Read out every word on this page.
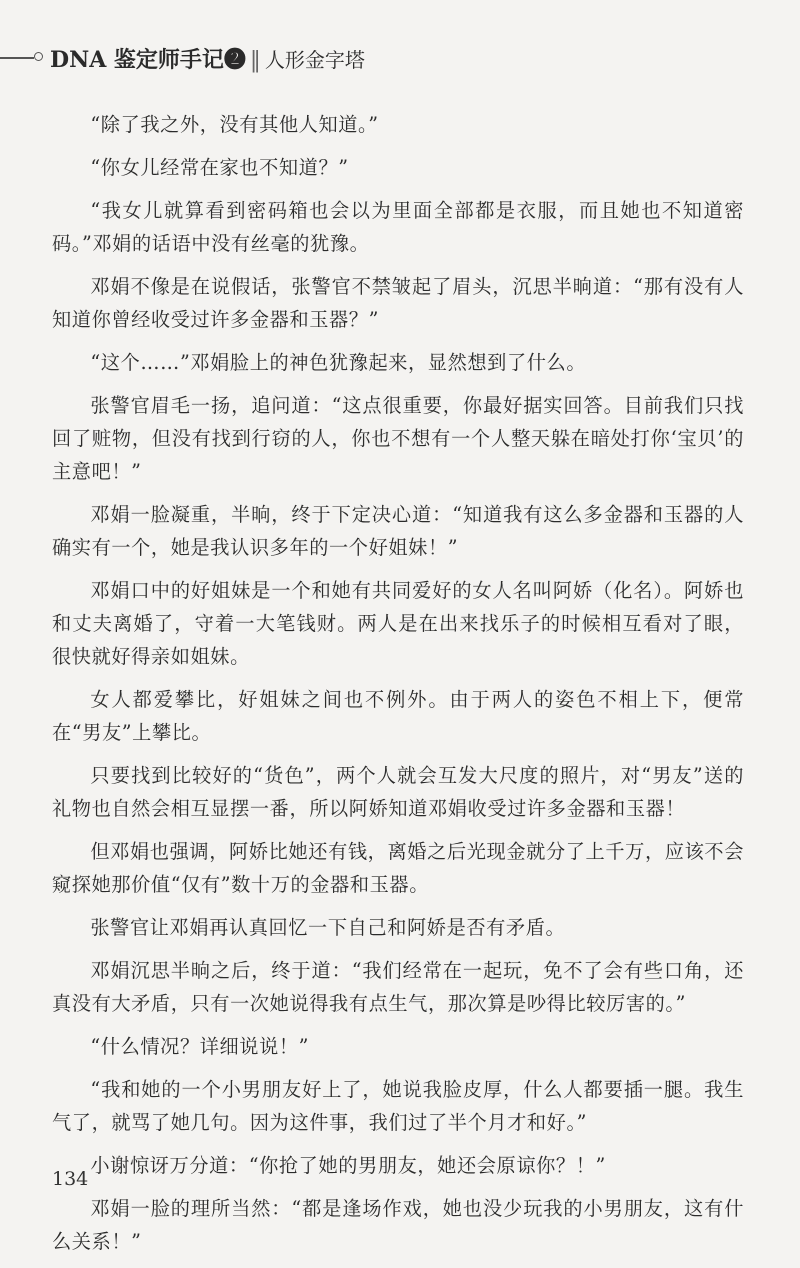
DNA 鉴定师手记❷ ‖ 人形金字塔

“除了我之外，没有其他人知道。”

“你女儿经常在家也不知道？”

“我女儿就算看到密码箱也会以为里面全部都是衣服，而且她也不知道密码。”邓娟的话语中没有丝毫的犹豫。

邓娟不像是在说假话，张警官不禁皱起了眉头，沉思半晌道：“那有没有人知道你曾经收受过许多金器和玉器？”

“这个……”邓娟脸上的神色犹豫起来，显然想到了什么。

张警官眉毛一扬，追问道：“这点很重要，你最好据实回答。目前我们只找回了赃物，但没有找到行窃的人，你也不想有一个人整天躲在暗处打你‘宝贝’的主意吧！”

邓娟一脸凝重，半晌，终于下定决心道：“知道我有这么多金器和玉器的人确实有一个，她是我认识多年的一个好姐妹！”

邓娟口中的好姐妹是一个和她有共同爱好的女人名叫阿娇（化名）。阿娇也和丈夫离婚了，守着一大笔钱财。两人是在出来找乐子的时候相互看对了眼，很快就好得亲如姐妹。

女人都爱攀比，好姐妹之间也不例外。由于两人的姿色不相上下，便常在“男友”上攀比。

只要找到比较好的“货色”，两个人就会互发大尺度的照片，对“男友”送的礼物也自然会相互显摆一番，所以阿娇知道邓娟收受过许多金器和玉器！

但邓娟也强调，阿娇比她还有钱，离婚之后光现金就分了上千万，应该不会窥探她那价值“仅有”数十万的金器和玉器。

张警官让邓娟再认真回忆一下自己和阿娇是否有矛盾。

邓娟沉思半晌之后，终于道：“我们经常在一起玩，免不了会有些口角，还真没有大矛盾，只有一次她说得我有点生气，那次算是吵得比较厉害的。”

“什么情况？详细说说！”

“我和她的一个小男朋友好上了，她说我脸皮厚，什么人都要插一腿。我生气了，就骂了她几句。因为这件事，我们过了半个月才和好。”

小谢惊讶万分道：“你抢了她的男朋友，她还会原谅你？！”

邓娟一脸的理所当然：“都是逢场作戏，她也没少玩我的小男朋友，这有什么关系！”

134
